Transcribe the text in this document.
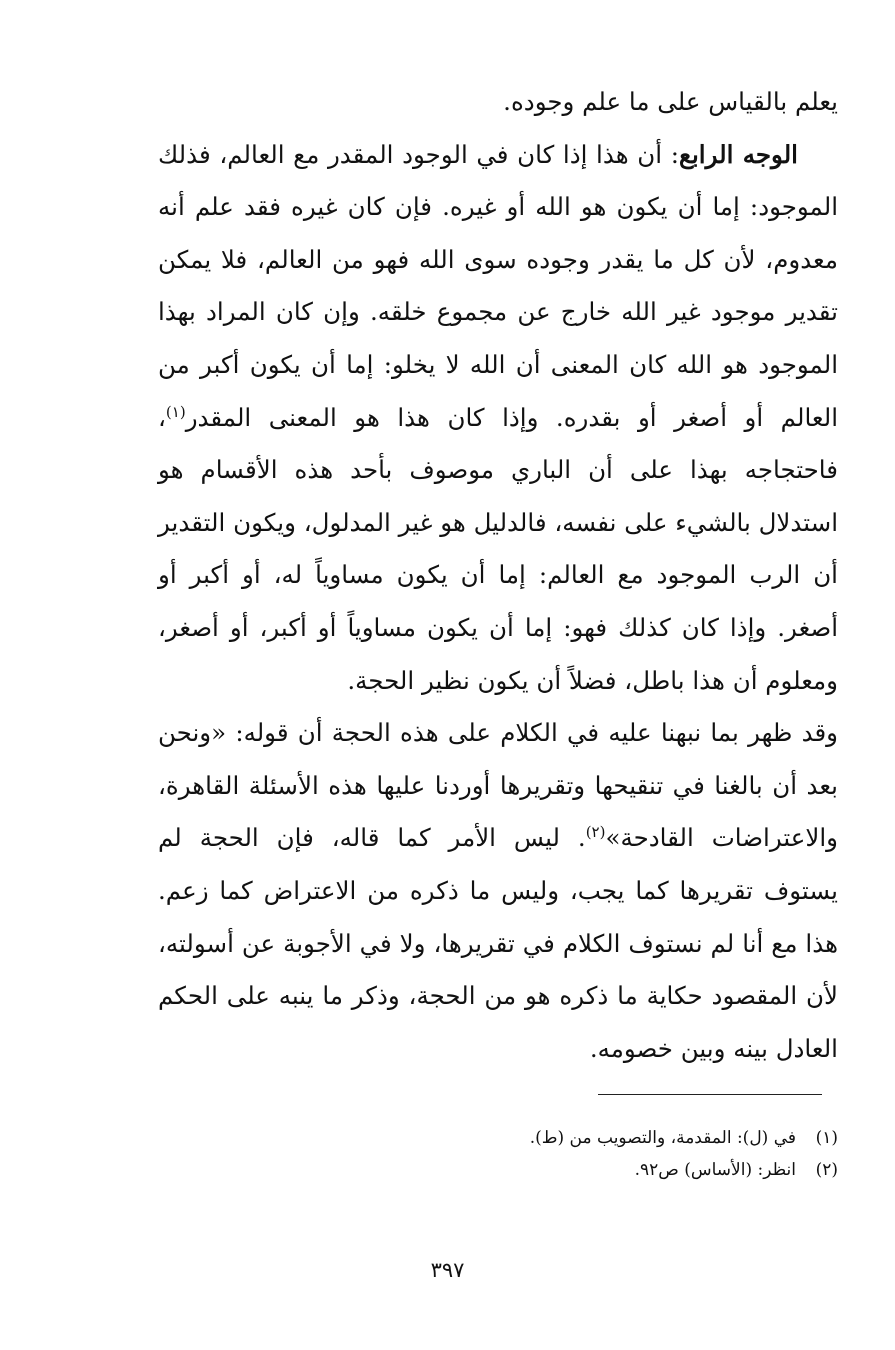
يعلم بالقياس على ما علم وجوده.

الوجه الرابع: أن هذا إذا كان في الوجود المقدر مع العالم، فذلك الموجود: إما أن يكون هو الله أو غيره. فإن كان غيره فقد علم أنه معدوم، لأن كل ما يقدر وجوده سوى الله فهو من العالم، فلا يمكن تقدير موجود غير الله خارج عن مجموع خلقه. وإن كان المراد بهذا الموجود هو الله كان المعنى أن الله لا يخلو: إما أن يكون أكبر من العالم أو أصغر أو بقدره. وإذا كان هذا هو المعنى المقدر$^{(١)}$، فاحتجاجه بهذا على أن الباري موصوف بأحد هذه الأقسام هو استدلال بالشيء على نفسه، فالدليل هو غير المدلول، ويكون التقدير أن الرب الموجود مع العالم: إما أن يكون مساوياً له، أو أكبر أو أصغر. وإذا كان كذلك فهو: إما أن يكون مساوياً أو أكبر، أو أصغر، ومعلوم أن هذا باطل، فضلاً أن يكون نظير الحجة.

وقد ظهر بما نبهنا عليه في الكلام على هذه الحجة أن قوله: «ونحن بعد أن بالغنا في تنقيحها وتقريرها أوردنا عليها هذه الأسئلة القاهرة، والاعتراضات القادحة»$^{(٢)}$. ليس الأمر كما قاله، فإن الحجة لم يستوف تقريرها كما يجب، وليس ما ذكره من الاعتراض كما زعم. هذا مع أنا لم نستوف الكلام في تقريرها، ولا في الأجوبة عن أسولته، لأن المقصود حكاية ما ذكره هو من الحجة، وذكر ما ينبه على الحكم العادل بينه وبين خصومه.

(١)في (ل): المقدمة، والتصويب من (ط).
(٢)انظر: (الأساس) ص٩٢.
٣٩٧
